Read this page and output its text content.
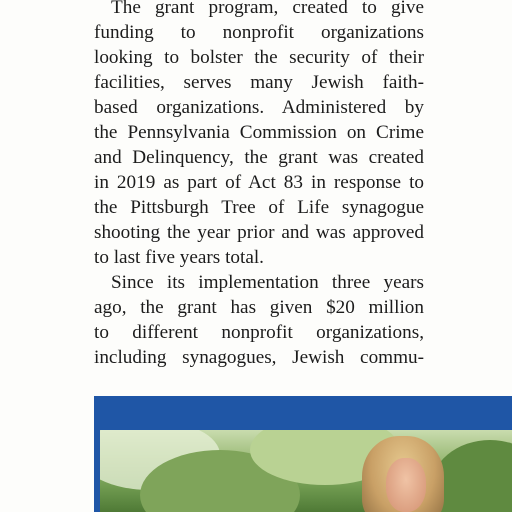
The grant program, created to give
funding to nonprofit organizations
looking to bolster the security of their
facilities, serves many Jewish faith-
based organizations. Administered by
the Pennsylvania Commission on Crime
and Delinquency, the grant was created
in 2019 as part of Act 83 in response to
the Pittsburgh Tree of Life synagogue
shooting the year prior and was approved
to last five years total.
Since its implementation three years
ago, the grant has given $20 million
to different nonprofit organizations,
including synagogues, Jewish commu-
